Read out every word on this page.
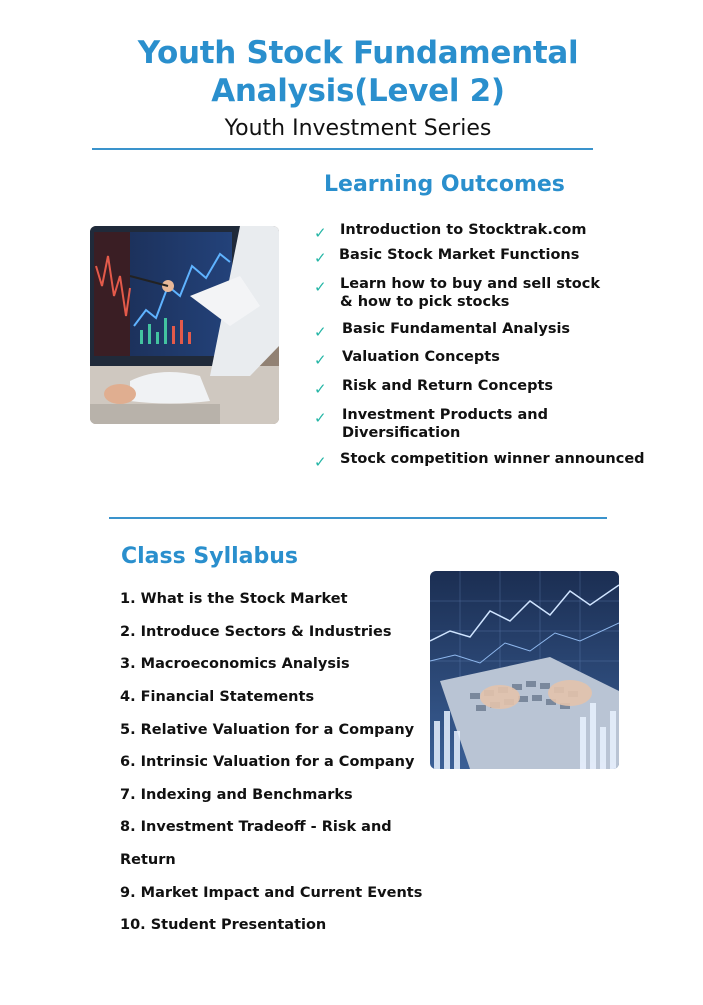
Youth Stock Fundamental
Analysis(Level 2)
Youth Investment Series
Learning Outcomes
✓ Introduction to Stocktrak.com
✓ Basic Stock Market Functions
✓ Learn how to buy and sell stock
& how to pick stocks
✓ Basic Fundamental Analysis
✓ Valuation Concepts
✓ Risk and Return Concepts
✓ Investment Products and
Diversification
✓ Stock competition winner announced
Class Syllabus
1. What is the Stock Market
2. Introduce Sectors & Industries
3. Macroeconomics Analysis
4. Financial Statements
5. Relative Valuation for a Company
6. Intrinsic Valuation for a Company
7. Indexing and Benchmarks
8. Investment Tradeoff - Risk and
Return
9. Market Impact and Current Events
10. Student Presentation
